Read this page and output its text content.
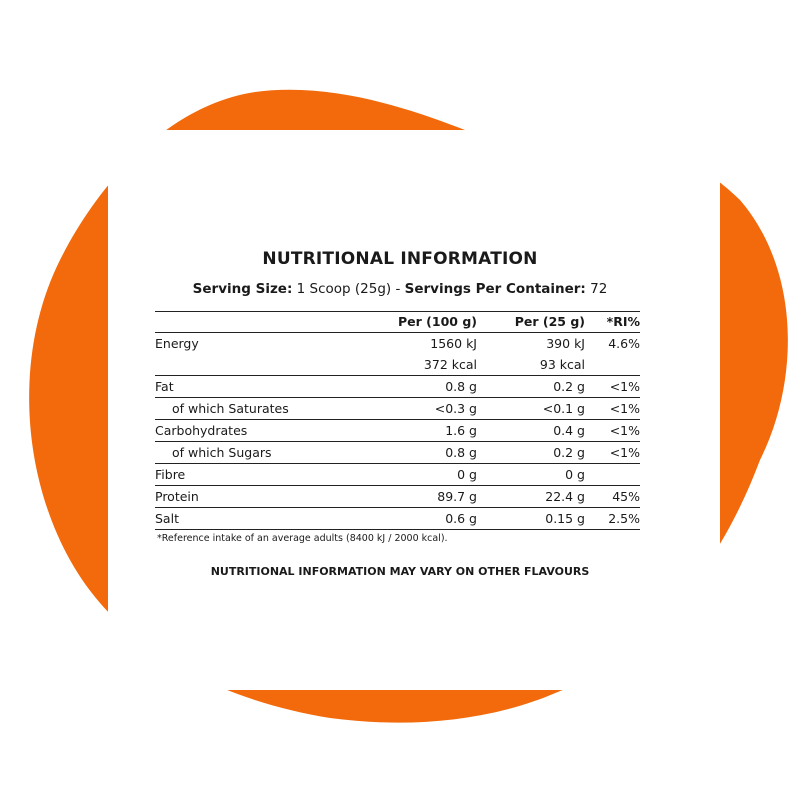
NUTRITIONAL INFORMATION
Serving Size: 1 Scoop (25g) - Servings Per Container: 72
	Per (100 g)	Per (25 g)	*RI%
Energy	1560 kJ	390 kJ	4.6%
	372 kcal	93 kcal	
Fat	0.8 g	0.2 g	<1%
of which Saturates	<0.3 g	<0.1 g	<1%
Carbohydrates	1.6 g	0.4 g	<1%
of which Sugars	0.8 g	0.2 g	<1%
Fibre	0 g	0 g	
Protein	89.7 g	22.4 g	45%
Salt	0.6 g	0.15 g	2.5%
*Reference intake of an average adults (8400 kJ / 2000 kcal).
NUTRITIONAL INFORMATION MAY VARY ON OTHER FLAVOURS
